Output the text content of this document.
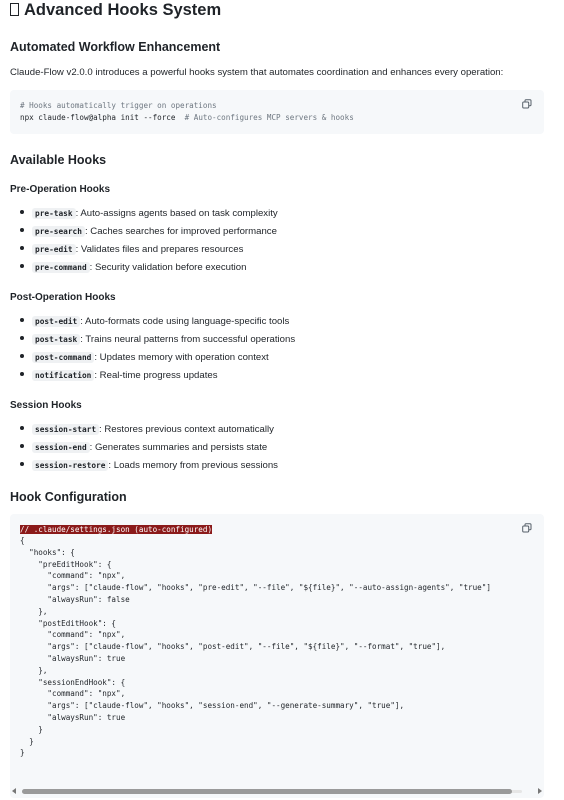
Advanced Hooks System
Automated Workflow Enhancement
Claude-Flow v2.0.0 introduces a powerful hooks system that automates coordination and enhances every operation:
# Hooks automatically trigger on operations
npx claude-flow@alpha init --force # Auto-configures MCP servers & hooks
Available Hooks
Pre-Operation Hooks
pre-task : Auto-assigns agents based on task complexity
pre-search : Caches searches for improved performance
pre-edit : Validates files and prepares resources
pre-command : Security validation before execution
Post-Operation Hooks
post-edit : Auto-formats code using language-specific tools
post-task : Trains neural patterns from successful operations
post-command : Updates memory with operation context
notification : Real-time progress updates
Session Hooks
session-start : Restores previous context automatically
session-end : Generates summaries and persists state
session-restore : Loads memory from previous sessions
Hook Configuration
// .claude/settings.json (auto-configured)
{
"hooks": {
"preEditHook": {
"command": "npx",
"args": ["claude-flow", "hooks", "pre-edit", "--file", "${file}", "--auto-assign-agents", "true"]
"alwaysRun": false
},
"postEditHook": {
"command": "npx",
"args": ["claude-flow", "hooks", "post-edit", "--file", "${file}", "--format", "true"],
"alwaysRun": true
},
"sessionEndHook": {
"command": "npx",
"args": ["claude-flow", "hooks", "session-end", "--generate-summary", "true"],
"alwaysRun": true
}
}
}
